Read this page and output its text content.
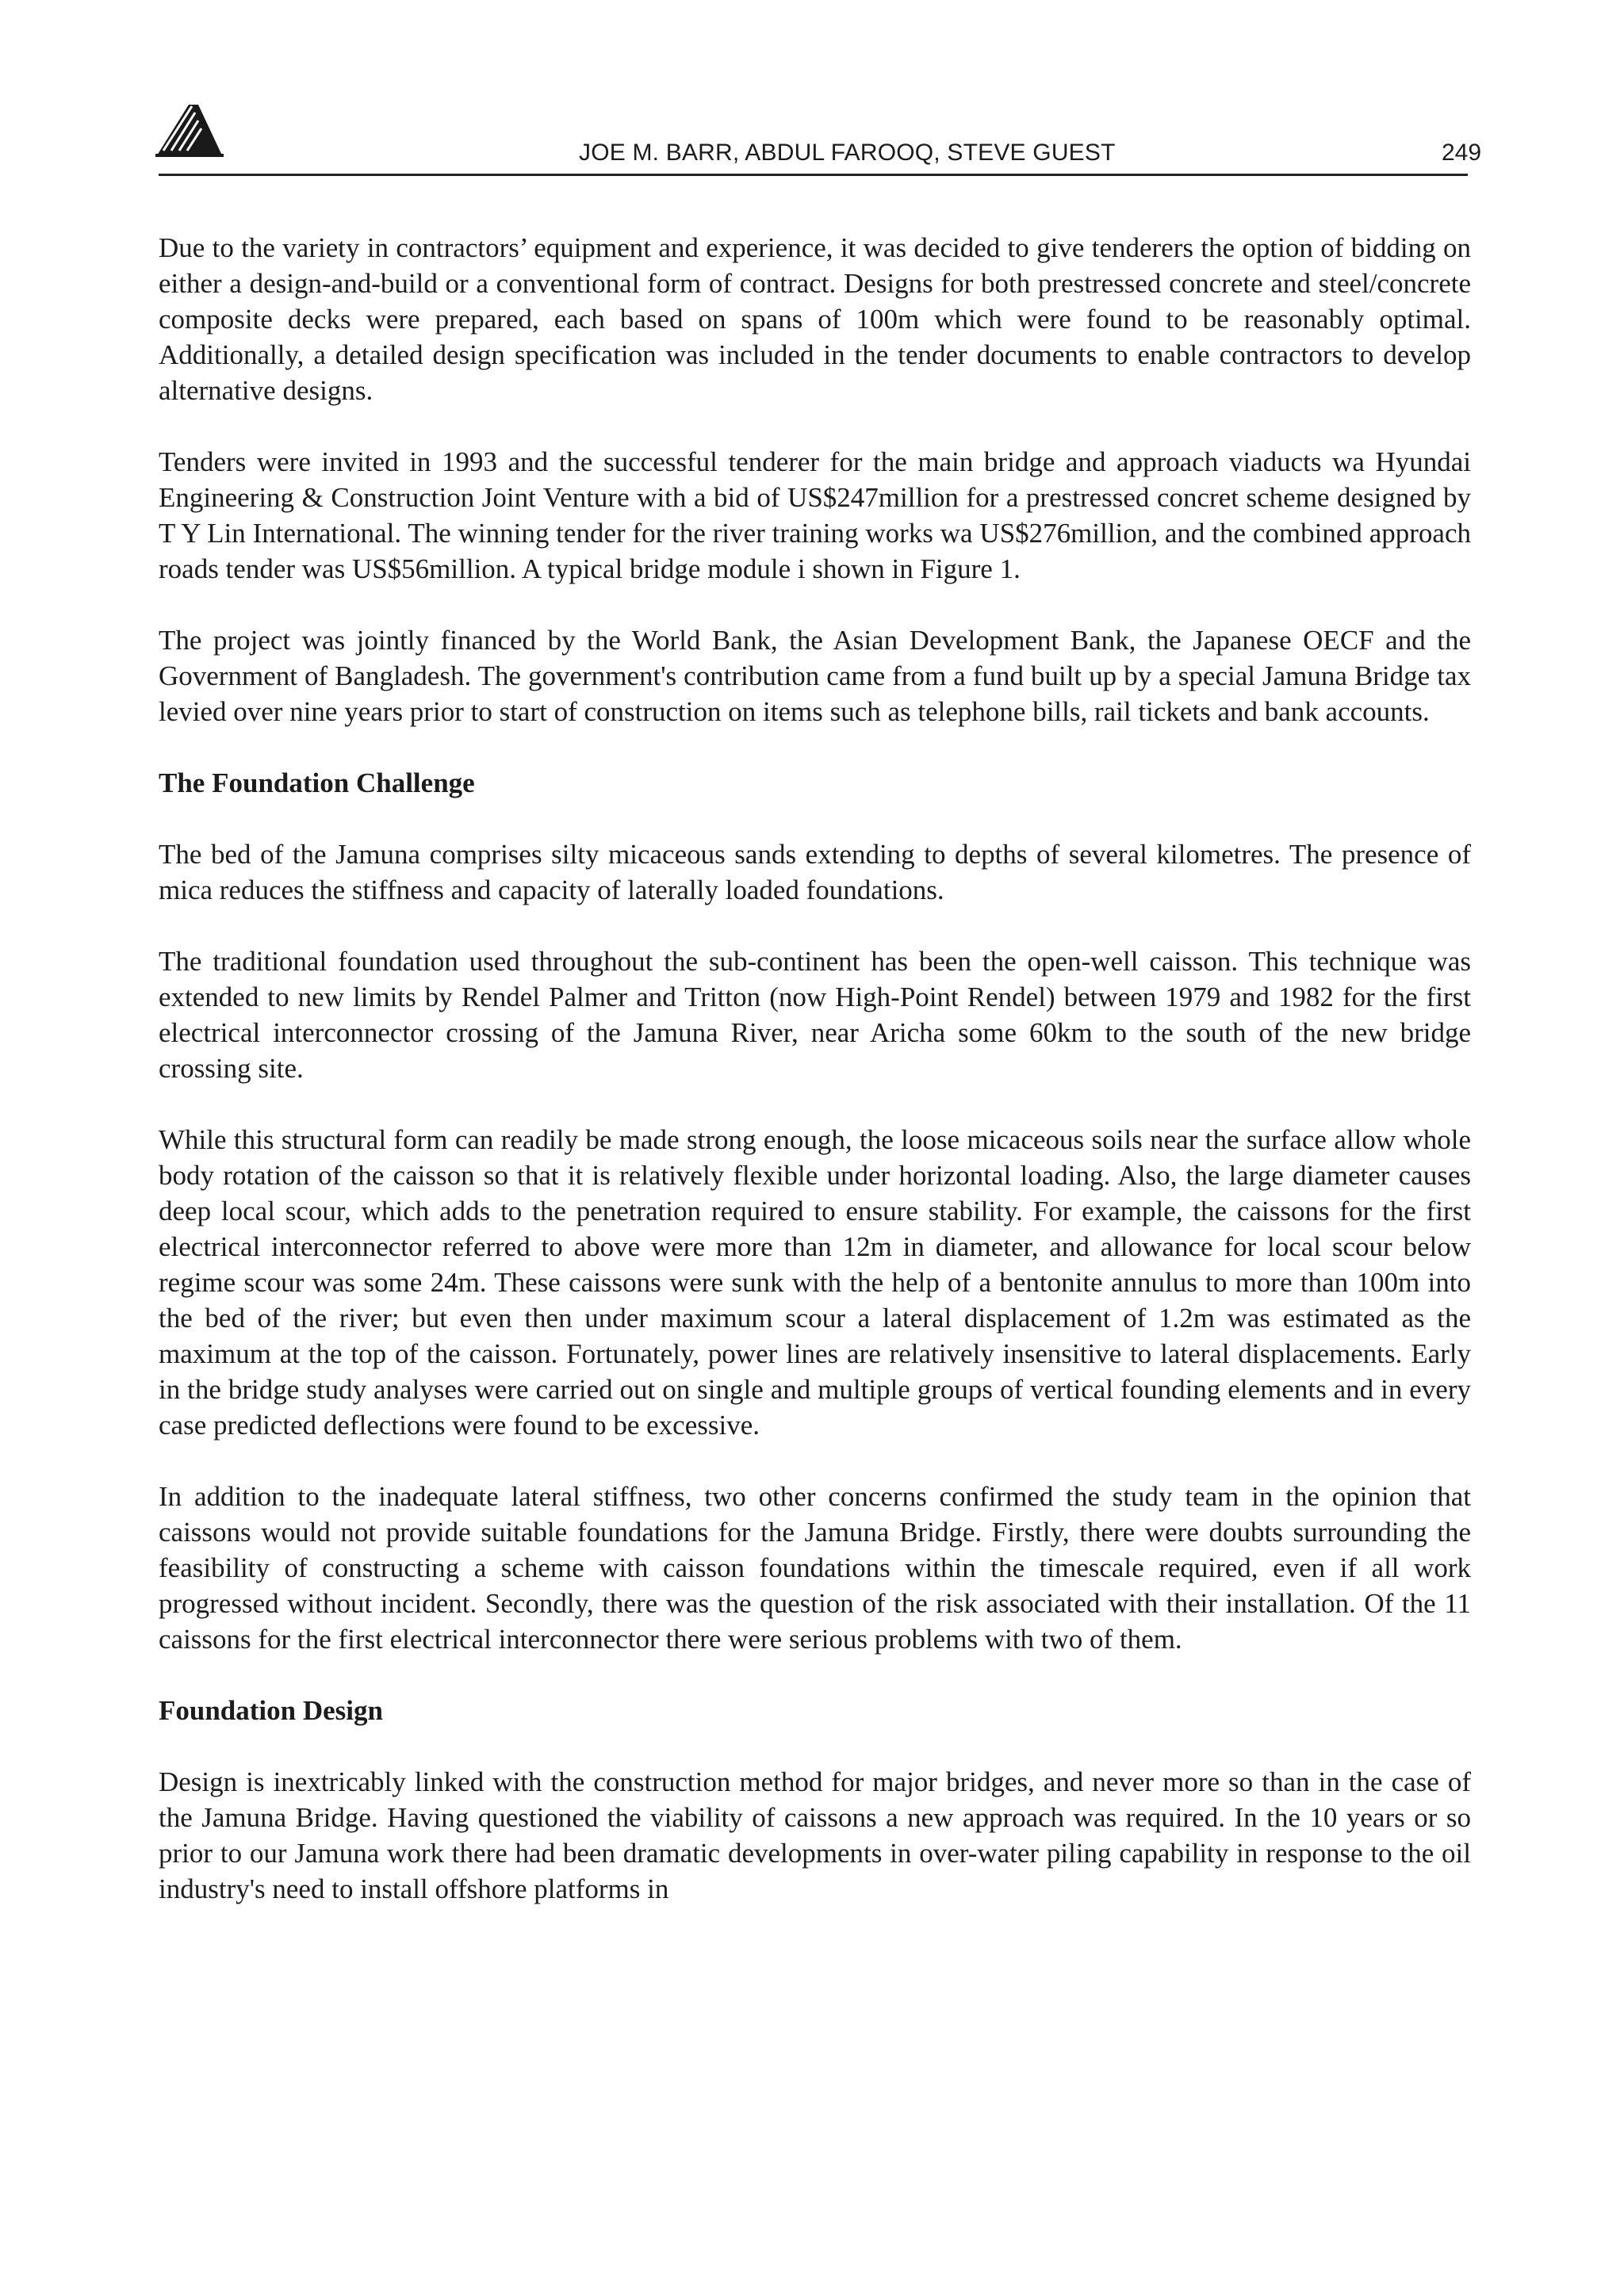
JOE M. BARR, ABDUL FAROOQ, STEVE GUEST	249

Due to the variety in contractors’ equipment and experience, it was decided to give tenderers the option of bidding on either a design-and-build or a conventional form of contract. Designs for both prestressed concrete and steel/concrete composite decks were prepared, each based on spans of 100m which were found to be reasonably optimal. Additionally, a detailed design specification was included in the tender documents to enable contractors to develop alternative designs.

Tenders were invited in 1993 and the successful tenderer for the main bridge and approach viaducts wa Hyundai Engineering & Construction Joint Venture with a bid of US$247million for a prestressed concret scheme designed by T Y Lin International. The winning tender for the river training works wa US$276million, and the combined approach roads tender was US$56million. A typical bridge module i shown in Figure 1.

The project was jointly financed by the World Bank, the Asian Development Bank, the Japanese OECF and the Government of Bangladesh. The government's contribution came from a fund built up by a special Jamuna Bridge tax levied over nine years prior to start of construction on items such as telephone bills, rail tickets and bank accounts.

The Foundation Challenge

The bed of the Jamuna comprises silty micaceous sands extending to depths of several kilometres. The presence of mica reduces the stiffness and capacity of laterally loaded foundations.

The traditional foundation used throughout the sub-continent has been the open-well caisson. This technique was extended to new limits by Rendel Palmer and Tritton (now High-Point Rendel) between 1979 and 1982 for the first electrical interconnector crossing of the Jamuna River, near Aricha some 60km to the south of the new bridge crossing site.

While this structural form can readily be made strong enough, the loose micaceous soils near the surface allow whole body rotation of the caisson so that it is relatively flexible under horizontal loading. Also, the large diameter causes deep local scour, which adds to the penetration required to ensure stability. For example, the caissons for the first electrical interconnector referred to above were more than 12m in diameter, and allowance for local scour below regime scour was some 24m. These caissons were sunk with the help of a bentonite annulus to more than 100m into the bed of the river; but even then under maximum scour a lateral displacement of 1.2m was estimated as the maximum at the top of the caisson. Fortunately, power lines are relatively insensitive to lateral displacements. Early in the bridge study analyses were carried out on single and multiple groups of vertical founding elements and in every case predicted deflections were found to be excessive.

In addition to the inadequate lateral stiffness, two other concerns confirmed the study team in the opinion that caissons would not provide suitable foundations for the Jamuna Bridge. Firstly, there were doubts surrounding the feasibility of constructing a scheme with caisson foundations within the timescale required, even if all work progressed without incident. Secondly, there was the question of the risk associated with their installation. Of the 11 caissons for the first electrical interconnector there were serious problems with two of them.

Foundation Design

Design is inextricably linked with the construction method for major bridges, and never more so than in the case of the Jamuna Bridge. Having questioned the viability of caissons a new approach was required. In the 10 years or so prior to our Jamuna work there had been dramatic developments in over-water piling capability in response to the oil industry's need to install offshore platforms in
